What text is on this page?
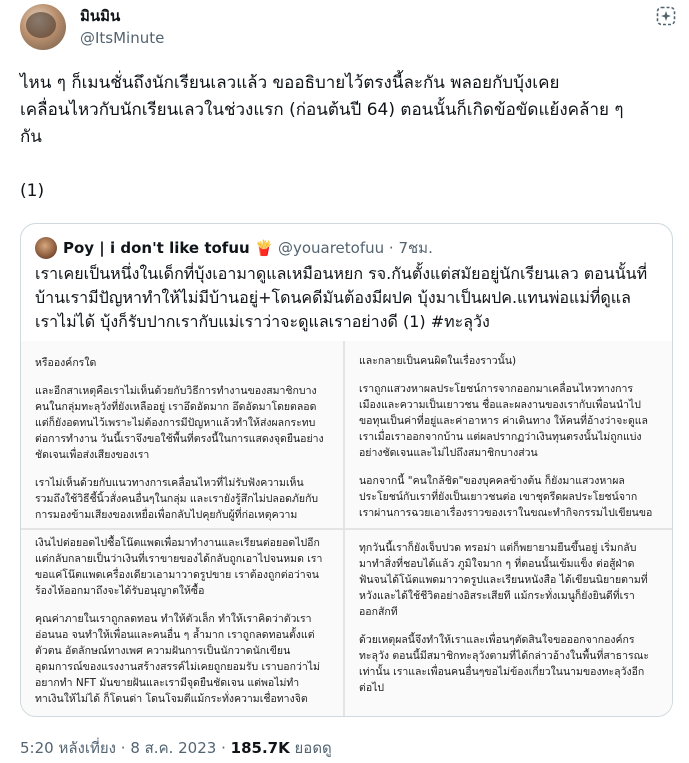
มินมิน
@ItsMinute

ไหน ๆ ก็เมนชั่นถึงนักเรียนเลวแล้ว ขออธิบายไว้ตรงนี้ละกัน พลอยกับบุ้งเคย

เคลื่อนไหวกับนักเรียนเลวในช่วงแรก (ก่อนต้นปี 64) ตอนนั้นก็เกิดข้อขัดแย้งคล้าย ๆ

กัน

(1)

Poy | i don't like tofuu 🍟 @youaretofuu · 7ชม.
เราเคยเป็นหนึ่งในเด็กที่บุ้งเอามาดูแลเหมือนหยก รจ.กันตั้งแต่สมัยอยู่นักเรียนเลว ตอนนั้นที่
บ้านเรามีปัญหาทำให้ไม่มีบ้านอยู่+โดนคดีมันต้องมีผปค บุ้งมาเป็นผปค.แทนพ่อแม่ที่ดูแล
เราไม่ได้ บุ้งก็รับปากเรากับแม่เราว่าจะดูแลเราอย่างดี (1) #ทะลุวัง

หรือองค์กรใด

และอีกสาเหตุคือเราไม่เห็นด้วยกับวิธีการทำงานของสมาชิกบาง

คนในกลุ่มทะลุวังที่ยังเหลืออยู่ เราอึดอัดมาก อึดอัดมาโดยตลอด

แต่ก็ยังอดทนไว้เพราะไม่ต้องการมีปัญหาแล้วทำให้ส่งผลกระทบ

ต่อการทำงาน วันนี้เราจึงขอใช้พื้นที่ตรงนี้ในการแสดงจุดยืนอย่าง

ชัดเจนเพื่อส่งเสียงของเรา

เราไม่เห็นด้วยกับแนวทางการเคลื่อนไหวที่ไม่รับฟังความเห็น

รวมถึงใช้วิธีชี้นิ้วสั่งคนอื่นๆในกลุ่ม และเรายังรู้สึกไม่ปลอดภัยกับ

การมองข้ามเสียงของเหยื่อเพื่อกลับไปคุยกับผู้ที่ก่อเหตุความ

และกลายเป็นคนผิดในเรื่องราวนั้น)

เราถูกแสวงหาผลประโยชน์การจากออกมาเคลื่อนไหวทางการ

เมืองและความเป็นเยาวชน ชื่อและผลงานของเรากับเพื่อนนำไป

ขอทุนเป็นค่าที่อยู่และค่าอาหาร ค่าเดินทาง ให้คนที่อ้างว่าจะดูแล

เราเมื่อเราออกจากบ้าน แต่ผลปรากฏว่าเงินทุนตรงนั้นไม่ถูกแบ่ง

อย่างชัดเจนและไม่ไปถึงสมาชิกบางส่วน

นอกจากนี้ "คนใกล้ชิด"ของบุคคลข้างต้น ก็ยังมาแสวงหาผล

ประโยชน์กับเราที่ยังเป็นเยาวชนต่อ เขาชุดรีดผลประโยชน์จาก

เราผ่านการฉวยเอาเรื่องราวของเราในขณะทำกิจกรรมไปเขียนขอ

เงินไปต่อยอดไปซื้อโน๊ตแพดเพื่อมาทำงานและเรียนต่อยอดไปอีก

แต่กลับกลายเป็นว่าเงินที่เราขายของได้กลับถูกเอาไปจนหมด เรา

ขอแค่โน๊ตแพดเครื่องเดียวเอามาวาดรูปขาย เราต้องถูกต่อว่าจน

ร้องไห้ออกมาถึงจะได้รับอนุญาตให้ซื้อ

คุณค่าภายในเราถูกลดทอน ทำให้ตัวเล็ก ทำให้เราคิดว่าตัวเรา

อ่อนนอ จนทำให้เพื่อนและคนอื่น ๆ ล้ำมาก เราถูกลดทอนตั้งแต่

ตัวตน อัตลักษณ์ทางเพศ ความฝันการเป็นนักวาดนักเขียน

อุดมการณ์ของแรงงานสร้างสรรค์ไม่เคยถูกยอมรับ เราบอกว่าไม่

อยากทำ NFT มันขายฝันและเรามีจุดยืนชัดเจน แต่พอไม่ทำ

ทาเงินให้ไม่ได้ ก็โดนด่า โดนโจมตีแม้กระทั่งความเชื่อทางจิต

ทุกวันนี้เราก็ยังเจ็บปวด ทรอม่า แต่ก็พยายามยืนขึ้นอยู่ เริ่มกลับ

มาทำสิ่งที่ชอบได้แล้ว ภูมิใจมาก ๆ ที่ตอนนั้นเข้มแข็ง ต่อสู้ฝ่าด

ฟันจนได้โน้ตแพดมาวาดรูปและเรียนหนังสือ ได้เขียนนิยายตามที่

หวังและได้ใช้ชีวิตอย่างอิสระเสียที แม้กระทั่งเมนูก็ยังยินดีที่เรา

ออกสักที

ด้วยเหตุผลนี้จึงทำให้เราและเพื่อนๆตัดสินใจขอออกจากองค์กร

ทะลุวัง ตอนนี้มีสมาชิกทะลุวังตามที่ได้กล่าวอ้างในพื้นที่สาธารณะ

เท่านั้น เราและเพื่อนคนอื่นๆขอไม่ข้องเกี่ยวในนามของทะลุวังอีก

ต่อไป

5:20 หลังเที่ยง · 8 ส.ค. 2023 · 185.7K ยอดดู
